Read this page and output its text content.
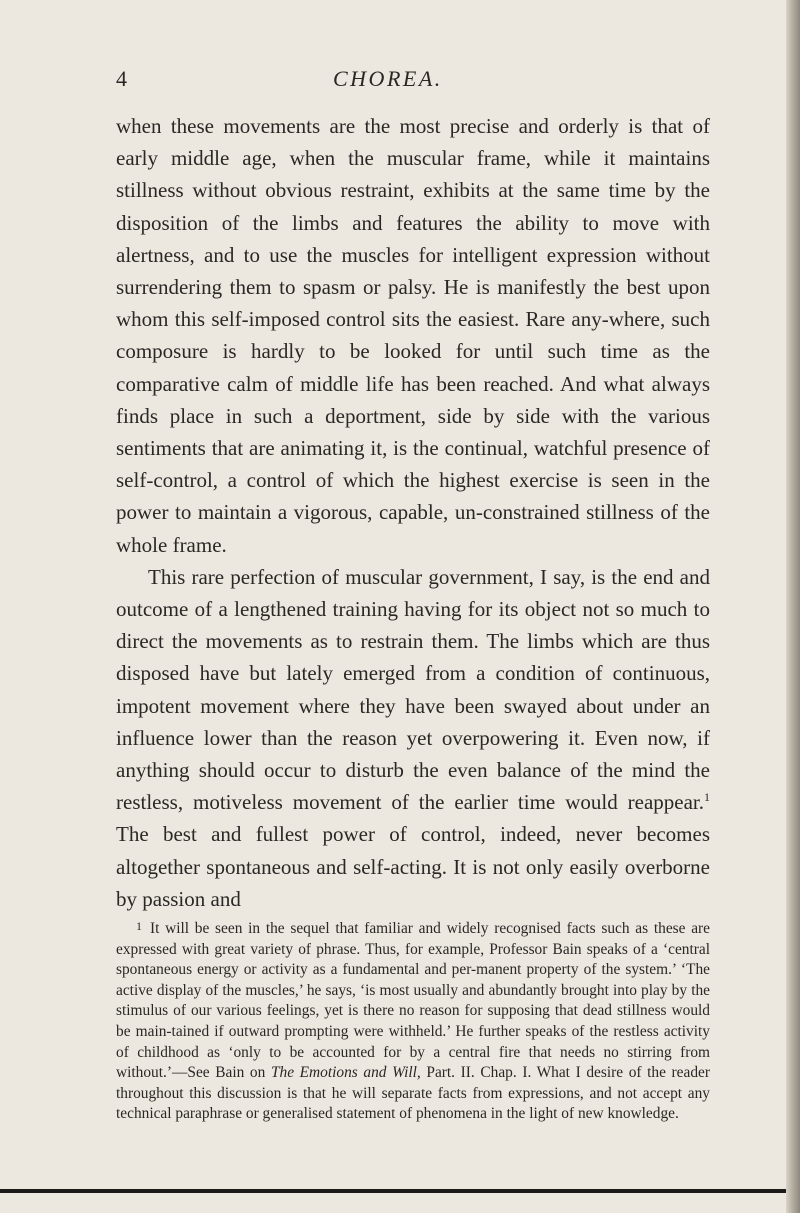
4	CHOREA.

when these movements are the most precise and orderly is that of early middle age, when the muscular frame, while it maintains stillness without obvious restraint, exhibits at the same time by the disposition of the limbs and features the ability to move with alertness, and to use the muscles for intelligent expression without surrendering them to spasm or palsy. He is manifestly the best upon whom this self-imposed control sits the easiest. Rare any-where, such composure is hardly to be looked for until such time as the comparative calm of middle life has been reached. And what always finds place in such a deportment, side by side with the various sentiments that are animating it, is the continual, watchful presence of self-control, a control of which the highest exercise is seen in the power to maintain a vigorous, capable, un-constrained stillness of the whole frame.

This rare perfection of muscular government, I say, is the end and outcome of a lengthened training having for its object not so much to direct the movements as to restrain them. The limbs which are thus disposed have but lately emerged from a condition of continuous, impotent movement where they have been swayed about under an influence lower than the reason yet overpowering it. Even now, if anything should occur to disturb the even balance of the mind the restless, motiveless movement of the earlier time would reappear.$^1$ The best and fullest power of control, indeed, never becomes altogether spontaneous and self-acting. It is not only easily overborne by passion and

1 It will be seen in the sequel that familiar and widely recognised facts such as these are expressed with great variety of phrase. Thus, for example, Professor Bain speaks of a ‘central spontaneous energy or activity as a fundamental and per-manent property of the system.’ ‘The active display of the muscles,’ he says, ‘is most usually and abundantly brought into play by the stimulus of our various feelings, yet is there no reason for supposing that dead stillness would be main-tained if outward prompting were withheld.’ He further speaks of the restless activity of childhood as ‘only to be accounted for by a central fire that needs no stirring from without.’—See Bain on The Emotions and Will, Part. II. Chap. I. What I desire of the reader throughout this discussion is that he will separate facts from expressions, and not accept any technical paraphrase or generalised statement of phenomena in the light of new knowledge.
